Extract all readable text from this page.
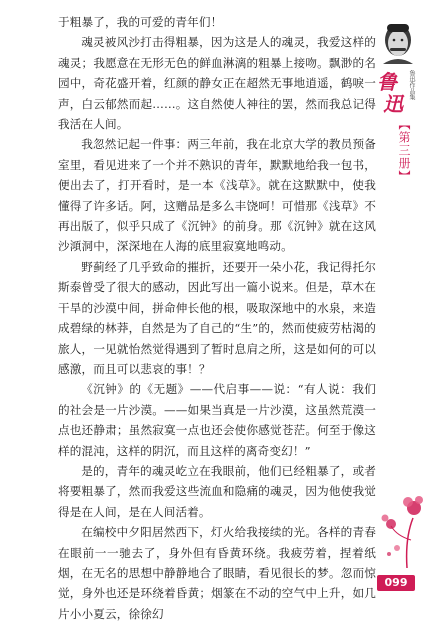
于粗暴了，我的可爱的青年们！

魂灵被风沙打击得粗暴，因为这是人的魂灵，我爱这样的魂灵；我愿意在无形无色的鲜血淋漓的粗暴上接吻。飘渺的名园中，奇花盛开着，红颜的静女正在超然无事地逍遥，鹤唳一声，白云郁然而起……。这自然使人神往的罢，然而我总记得我活在人间。

我忽然记起一件事：两三年前，我在北京大学的教员预备室里，看见进来了一个并不熟识的青年，默默地给我一包书，便出去了，打开看时，是一本《浅草》。就在这默默中，使我懂得了许多话。阿，这赠品是多么丰饶呵！可惜那《浅草》不再出版了，似乎只成了《沉钟》的前身。那《沉钟》就在这风沙澒洞中，深深地在人海的底里寂寞地鸣动。

野蓟经了几乎致命的摧折，还要开一朵小花，我记得托尔斯泰曾受了很大的感动，因此写出一篇小说来。但是，草木在干旱的沙漠中间，拼命伸长他的根，吸取深地中的水泉，来造成碧绿的林莽，自然是为了自己的“生”的，然而使疲劳枯渴的旅人，一见就怡然觉得遇到了暂时息肩之所，这是如何的可以感激，而且可以悲哀的事！？

《沉钟》的《无题》——代启事——说：“有人说：我们的社会是一片沙漠。——如果当真是一片沙漠，这虽然荒漠一点也还静肃；虽然寂寞一点也还会使你感觉苍茫。何至于像这样的混沌，这样的阴沉，而且这样的离奇变幻！”

是的，青年的魂灵屹立在我眼前，他们已经粗暴了，或者将要粗暴了，然而我爱这些流血和隐痛的魂灵，因为他使我觉得是在人间，是在人间活着。

在编校中夕阳居然西下，灯火给我接续的光。各样的青春在眼前一一驰去了，身外但有昏黄环绕。我疲劳着，捏着纸烟，在无名的思想中静静地合了眼睛，看见很长的梦。忽而惊觉，身外也还是环绕着昏黄；烟篆在不动的空气中上升，如几片小小夏云，徐徐幻

鲁
迅
鲁迅作品集
【第三册】
099
